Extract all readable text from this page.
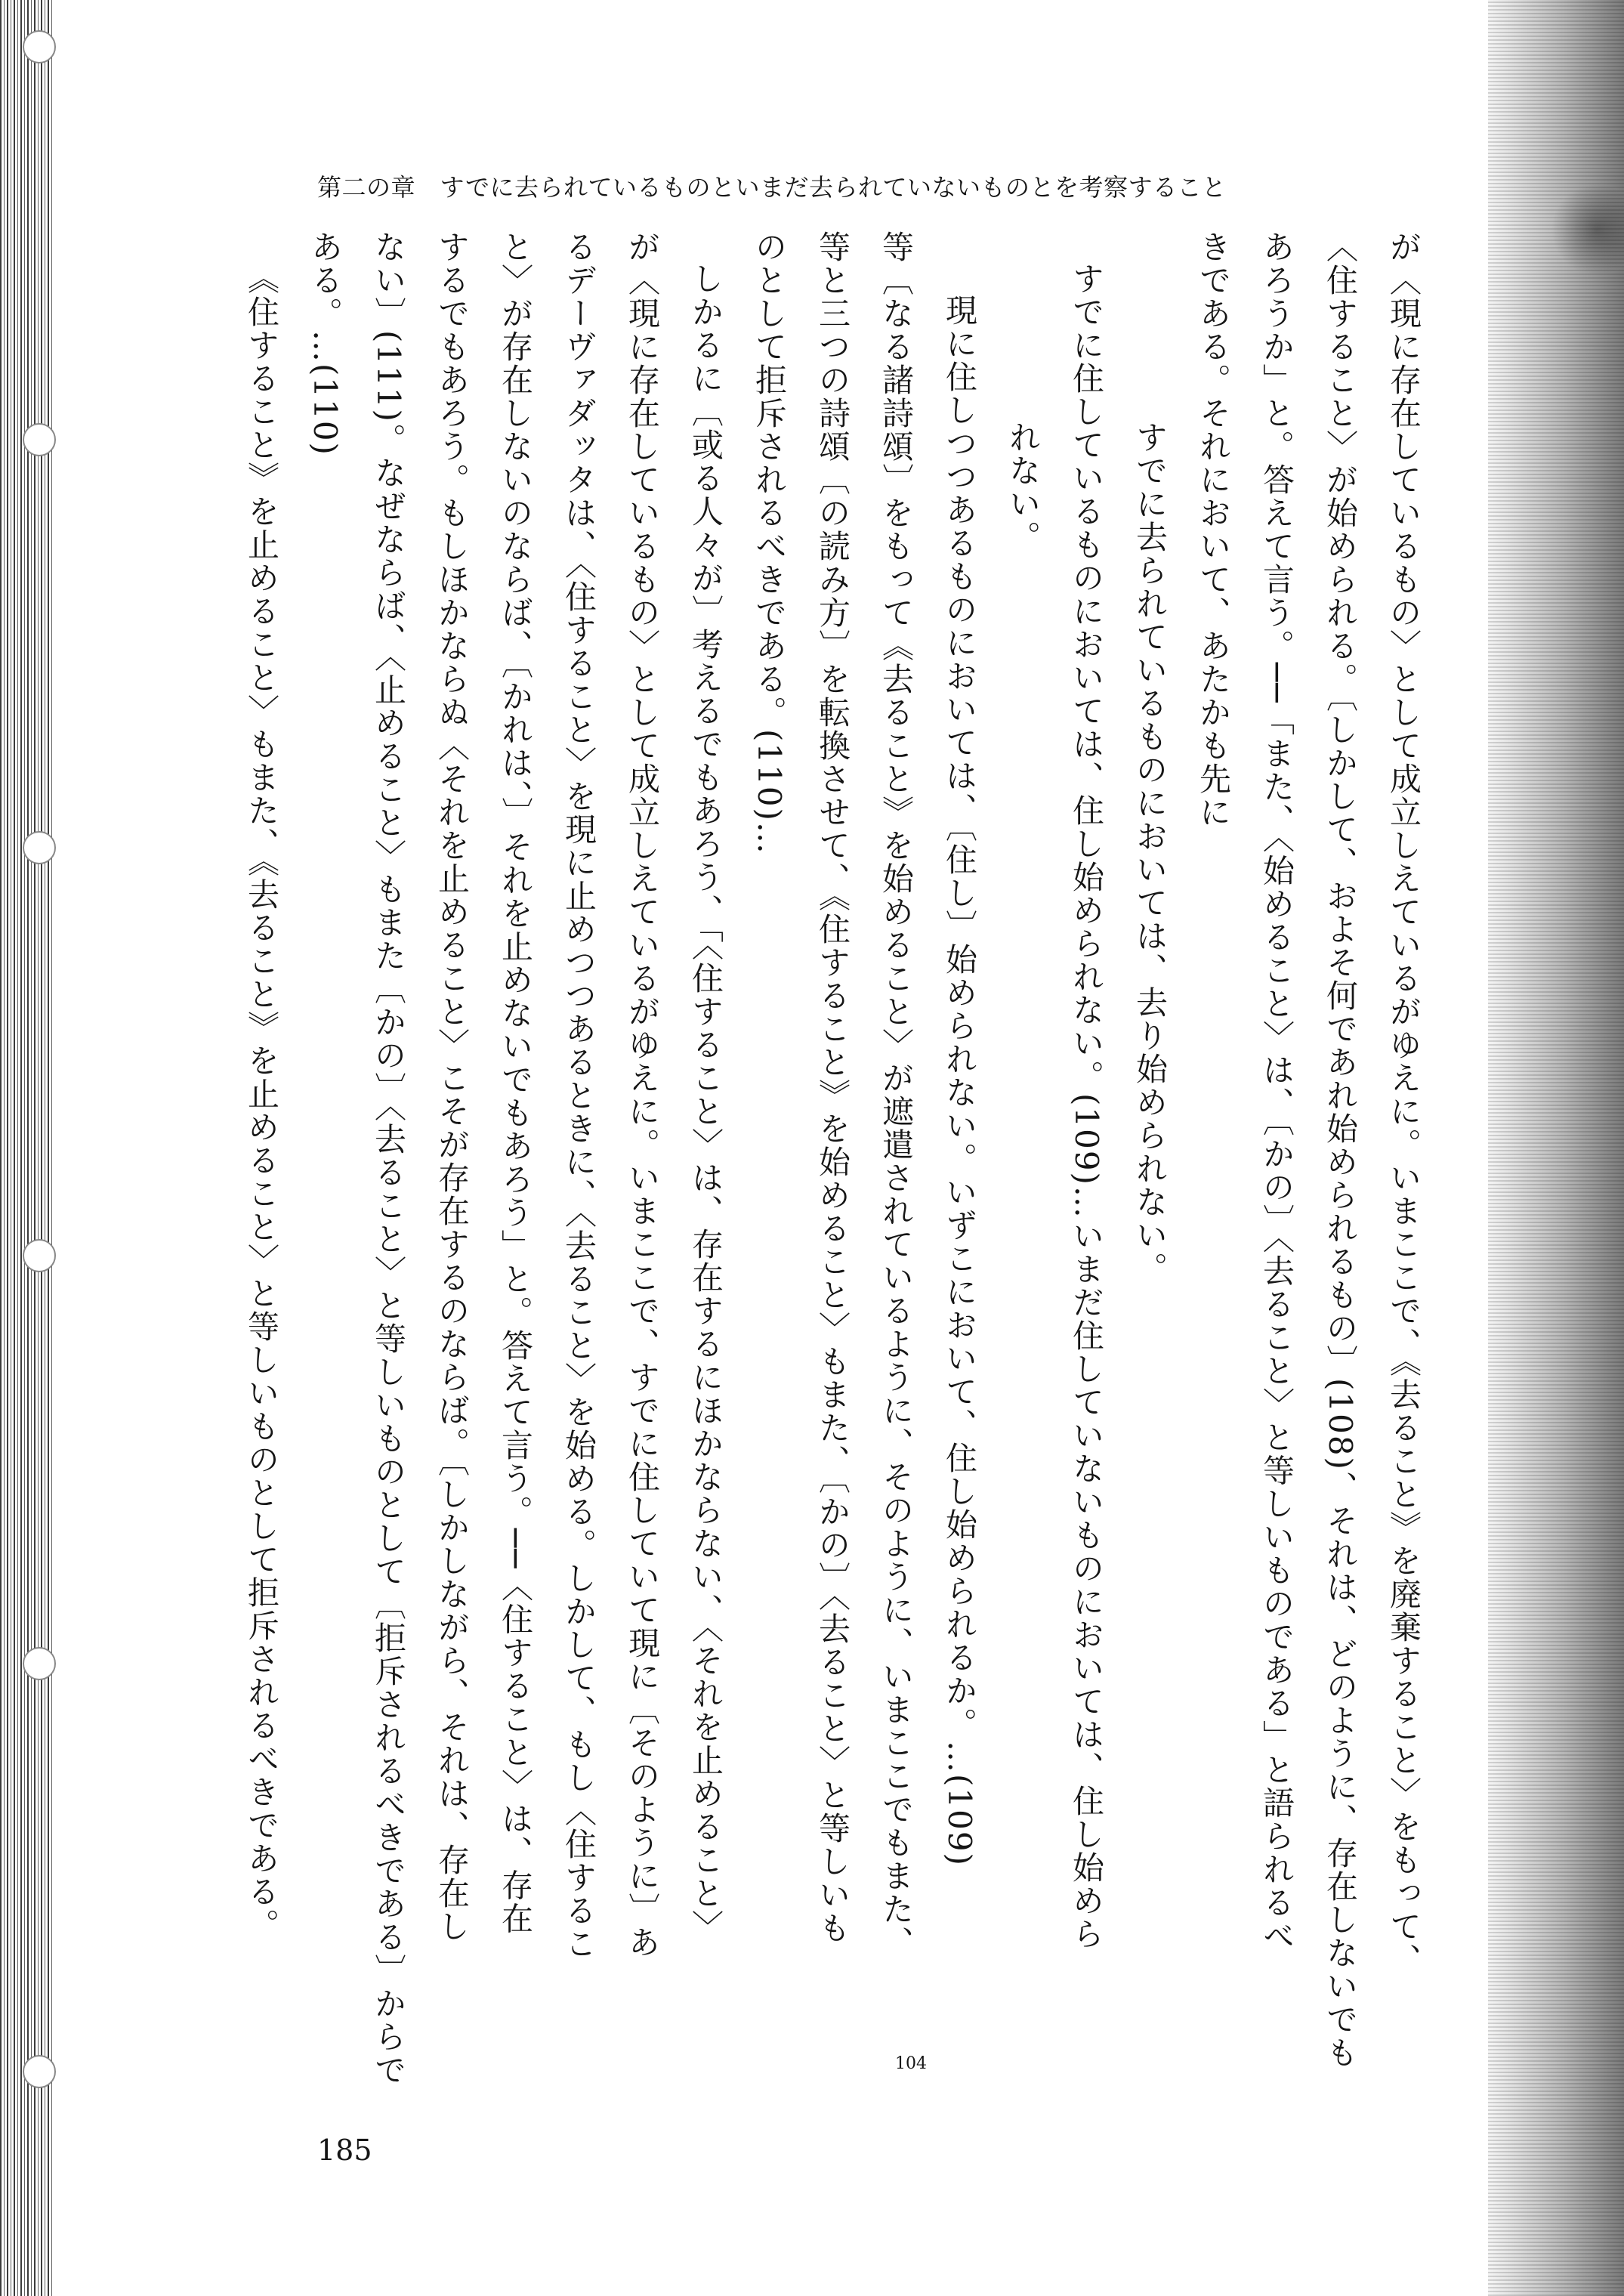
第二の章　すでに去られているものといまだ去られていないものとを考察すること

が〈現に存在しているもの〉として成立しえているがゆえに。いまここで、《去ること》を廃棄すること〉をもって、

〈住すること〉が始められる。〔しかして、およそ何であれ始められるもの〕(108)、それは、どのように、存在しないでも

あろうか」と。答えて言う。──「また、〈始めること〉は、〔かの〕〈去ること〉と等しいものである」と語られるべ

きである。それにおいて、あたかも先に

すでに去られているものにおいては、去り始められない。

すでに住しているものにおいては、住し始められない。(109)…いまだ住していないものにおいては、住し始めら

れない。

現に住しつつあるものにおいては、〔住し〕始められない。いずこにおいて、住し始められるか。…(109)

等〔なる諸詩頌〕をもって《去ること》を始めること〉が遮遣されているように、そのように、いまここでもまた、

等と三つの詩頌〔の読み方〕を転換させて、《住すること》を始めること〉もまた、〔かの〕〈去ること〉と等しいも

のとして拒斥されるべきである。(110)…

しかるに〔或る人々が〕考えるでもあろう、「〈住すること〉は、存在するにほかならない、〈それを止めること〉

が〈現に存在しているもの〉として成立しえているがゆえに。いまここで、すでに住していて現に〔そのように〕あ

るデーヴァダッタは、〈住すること〉を現に止めつつあるときに、〈去ること〉を始める。しかして、もし〈住するこ

と〉が存在しないのならば、〔かれは、〕それを止めないでもあろう」と。答えて言う。──〈住すること〉は、存在

するでもあろう。もしほかならぬ〈それを止めること〉こそが存在するのならば。〔しかしながら、それは、存在し

ない〕(111)。なぜならば、〈止めること〉もまた〔かの〕〈去ること〉と等しいものとして〔拒斥されるべきである〕からで

ある。…(110)

《住すること》を止めること〉もまた、《去ること》を止めること〉と等しいものとして拒斥されるべきである。

104
185
